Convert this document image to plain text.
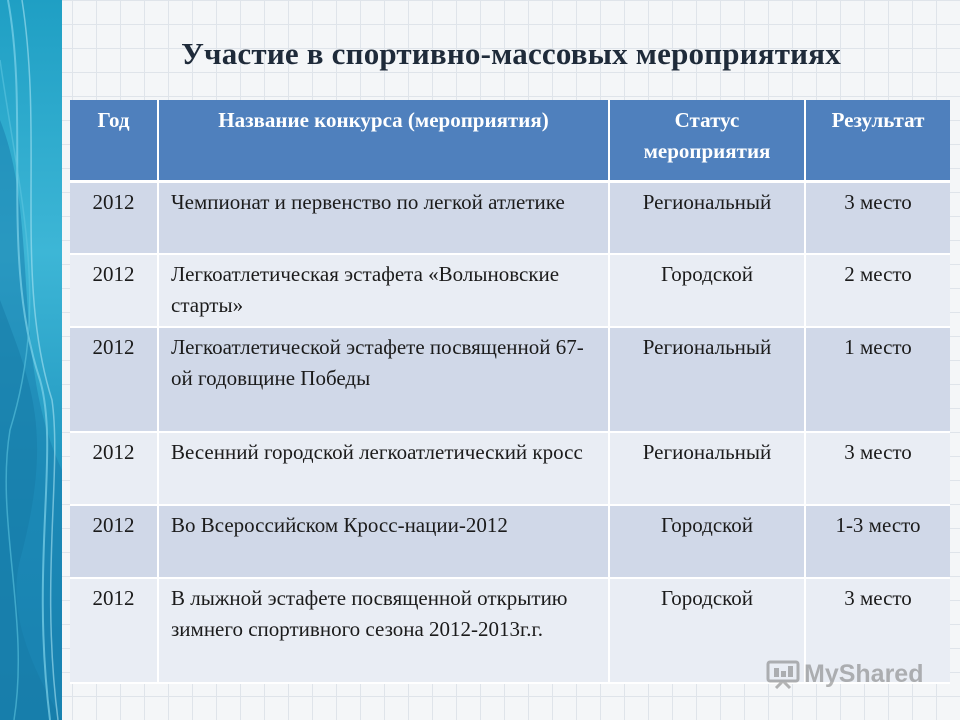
Участие в спортивно-массовых мероприятиях
Год	Название конкурса (мероприятия)	Статус мероприятия	Результат
2012	Чемпионат и первенство по легкой атлетике	Региональный	3 место
2012	Легкоатлетическая эстафета «Волыновские старты»	Городской	2 место
2012	Легкоатлетической эстафете посвященной 67-ой годовщине Победы	Региональный	1 место
2012	Весенний городской легкоатлетический кросс	Региональный	3 место
2012	Во Всероссийском Кросс-нации-2012	Городской	1-3 место
2012	В лыжной эстафете посвященной открытию зимнего спортивного сезона 2012-2013г.г.	Городской	3 место
MyShared
